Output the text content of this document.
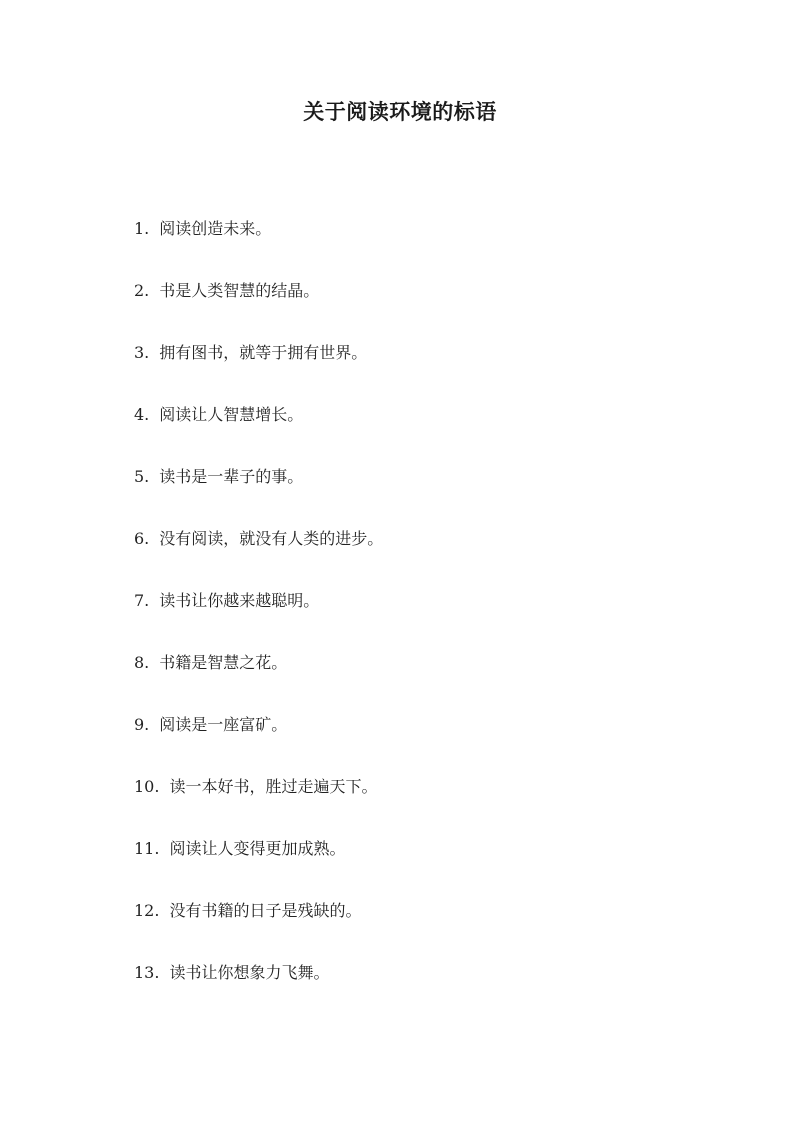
关于阅读环境的标语
1. 阅读创造未来。
2. 书是人类智慧的结晶。
3. 拥有图书，就等于拥有世界。
4. 阅读让人智慧增长。
5. 读书是一辈子的事。
6. 没有阅读，就没有人类的进步。
7. 读书让你越来越聪明。
8. 书籍是智慧之花。
9. 阅读是一座富矿。
10. 读一本好书，胜过走遍天下。
11. 阅读让人变得更加成熟。
12. 没有书籍的日子是残缺的。
13. 读书让你想象力飞舞。
